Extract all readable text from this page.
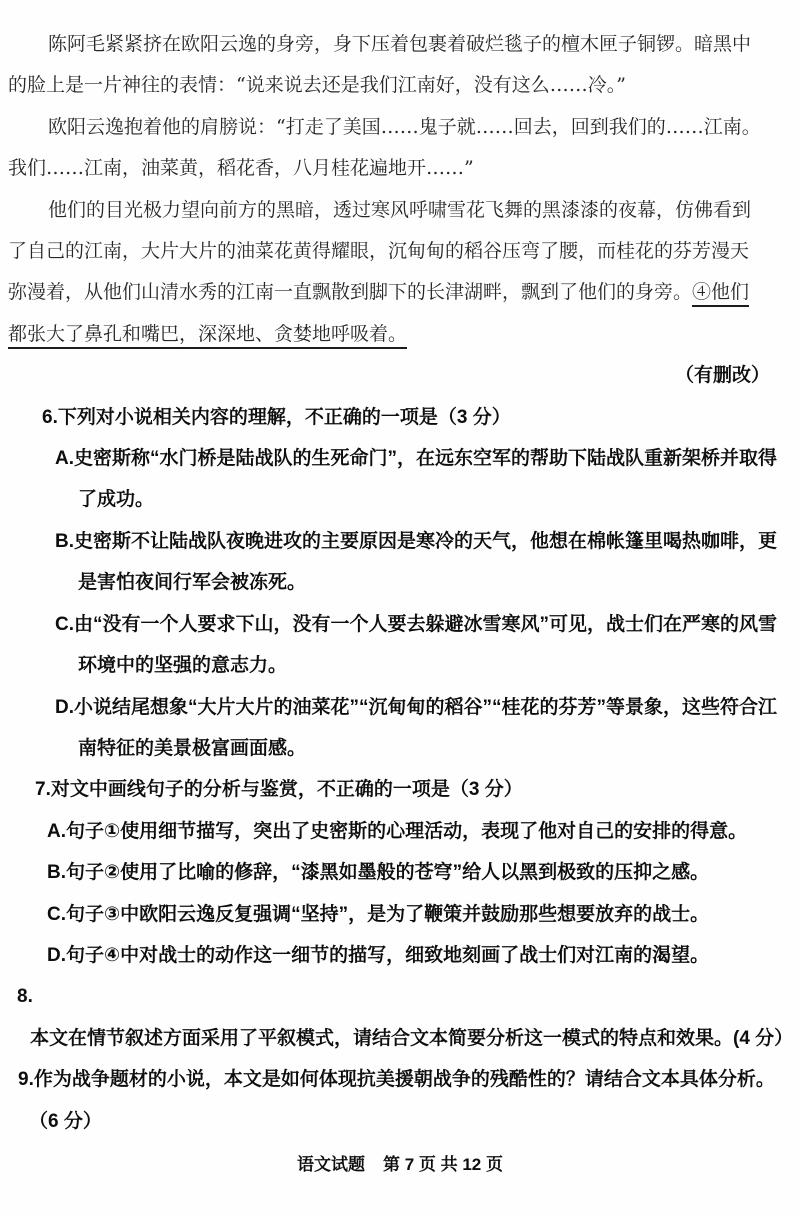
陈阿毛紧紧挤在欧阳云逸的身旁，身下压着包裹着破烂毯子的檀木匣子铜锣。暗黑中
的脸上是一片神往的表情：“说来说去还是我们江南好，没有这么……冷。”
欧阳云逸抱着他的肩膀说：“打走了美国……鬼子就……回去，回到我们的……江南。
我们……江南，油菜黄，稻花香，八月桂花遍地开……”
他们的目光极力望向前方的黑暗，透过寒风呼啸雪花飞舞的黑漆漆的夜幕，仿佛看到
了自己的江南，大片大片的油菜花黄得耀眼，沉甸甸的稻谷压弯了腰，而桂花的芬芳漫天
弥漫着，从他们山清水秀的江南一直飘散到脚下的长津湖畔，飘到了他们的身旁。④他们
都张大了鼻孔和嘴巴，深深地、贪婪地呼吸着。
（有删改）
6.下列对小说相关内容的理解，不正确的一项是（3 分）
A.史密斯称“水门桥是陆战队的生死命门”，在远东空军的帮助下陆战队重新架桥并取得了成功。
B.史密斯不让陆战队夜晚进攻的主要原因是寒冷的天气，他想在棉帐篷里喝热咖啡，更是害怕夜间行军会被冻死。
C.由“没有一个人要求下山，没有一个人要去躲避冰雪寒风”可见，战士们在严寒的风雪环境中的坚强的意志力。
D.小说结尾想象“大片大片的油菜花”“沉甸甸的稻谷”“桂花的芬芳”等景象，这些符合江南特征的美景极富画面感。
7.对文中画线句子的分析与鉴赏，不正确的一项是（3 分）
A.句子①使用细节描写，突出了史密斯的心理活动，表现了他对自己的安排的得意。
B.句子②使用了比喻的修辞，“漆黑如墨般的苍穹”给人以黑到极致的压抑之感。
C.句子③中欧阳云逸反复强调“坚持”，是为了鞭策并鼓励那些想要放弃的战士。
D.句子④中对战士的动作这一细节的描写，细致地刻画了战士们对江南的渴望。
8.本文在情节叙述方面采用了平叙模式，请结合文本简要分析这一模式的特点和效果。(4 分）
9.作为战争题材的小说，本文是如何体现抗美援朝战争的残酷性的？请结合文本具体分析。（6 分）
语文试题 第 7 页 共 12 页
